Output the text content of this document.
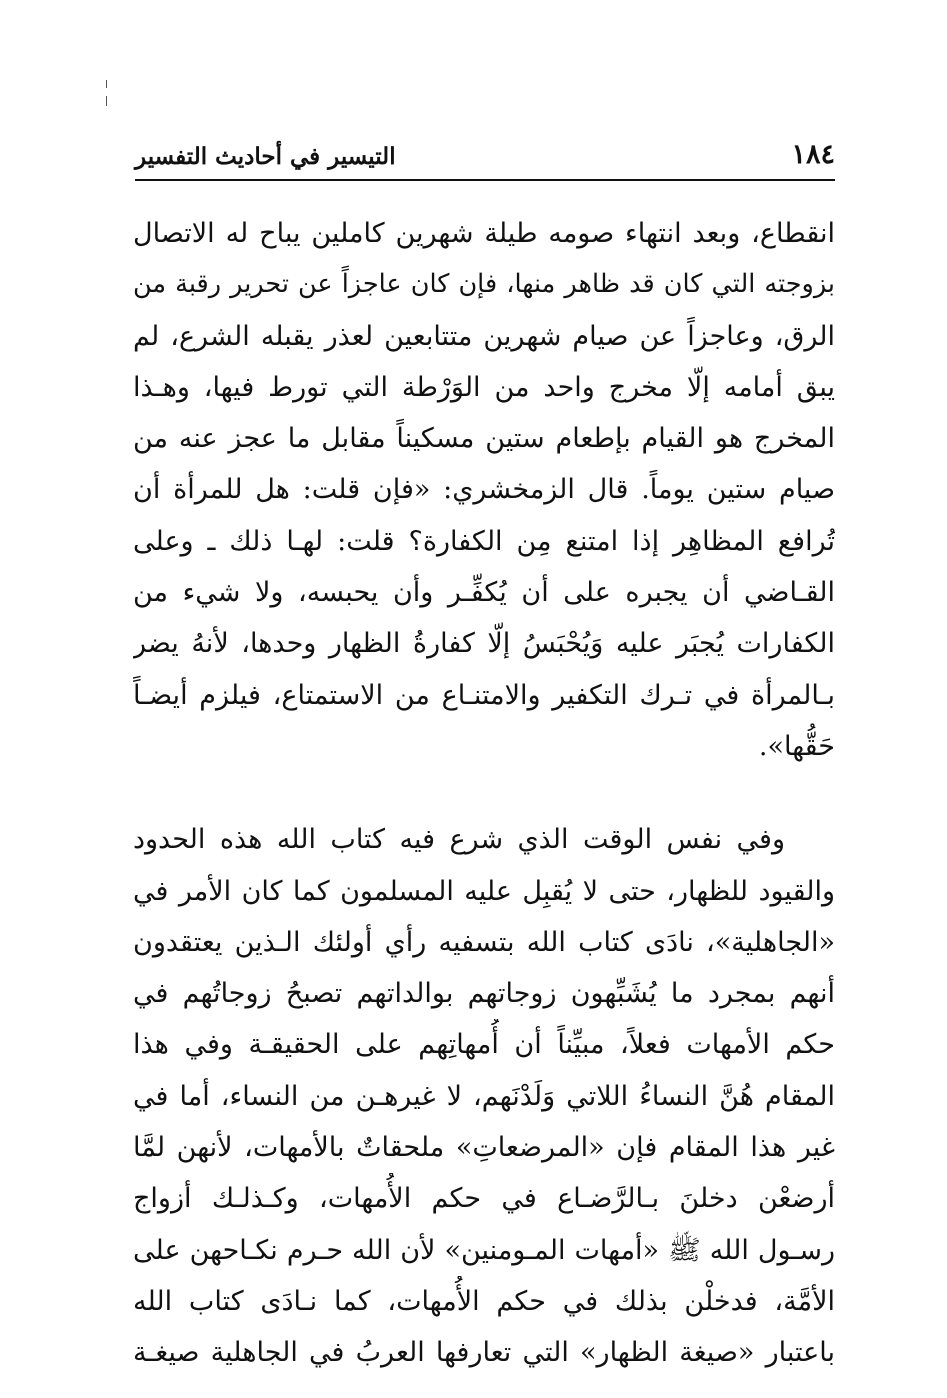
١٨٤
التيسير في أحاديث التفسير
انقطاع، وبعد انتهاء صومه طيلة شهرين كاملين يباح له الاتصال
بزوجته التي كان قد ظاهر منها، فإن كان عاجزاً عن تحرير رقبة من
الرق، وعاجزاً عن صيام شهرين متتابعين لعذر يقبله الشرع، لم
يبق أمامه إلّا مخرج واحد من الوَرْطة التي تورط فيها، وهـذا
المخرج هو القيام بإطعام ستين مسكيناً مقابل ما عجز عنه من
صيام ستين يوماً. قال الزمخشري: «فإن قلت: هل للمرأة أن
تُرافع المظاهِر إذا امتنع مِن الكفارة؟ قلت: لهـا ذلك ـ وعلى
القـاضي أن يجبره على أن يُكفِّـر وأن يحبسه، ولا شيء من
الكفارات يُجبَر عليه وَيُحْبَسُ إلّا كفارةُ الظهار وحدها، لأنهُ يضر
بـالمرأة في تـرك التكفير والامتنـاع من الاستمتاع، فيلزم أيضـاً
حَقُّها».
وفي نفس الوقت الذي شرع فيه كتاب الله هذه الحدود
والقيود للظهار، حتى لا يُقبِل عليه المسلمون كما كان الأمر في
«الجاهلية»، نادَى كتاب الله بتسفيه رأي أولئك الـذين يعتقدون
أنهم بمجرد ما يُشَبِّهون زوجاتهم بوالداتهم تصبحُ زوجاتُهم في
حكم الأمهات فعلاً، مبيِّناً أن أُمهاتِهم على الحقيقـة وفي هذا
المقام هُنَّ النساءُ اللاتي وَلَدْنَهم، لا غيرهـن من النساء، أما في
غير هذا المقام فإن «المرضعاتِ» ملحقاتٌ بالأمهات، لأنهن لمَّا
أرضعْن دخلنَ بـالرَّضـاع في حكم الأُمهات، وكـذلـك أزواج
رسـول الله ﷺ «أمهات المـومنين» لأن الله حـرم نكـاحهن على
الأمَّة، فدخلْن بذلك في حكم الأُمهات، كما نـادَى كتاب الله
باعتبار «صيغة الظهار» التي تعارفها العربُ في الجاهلية صيغـة
